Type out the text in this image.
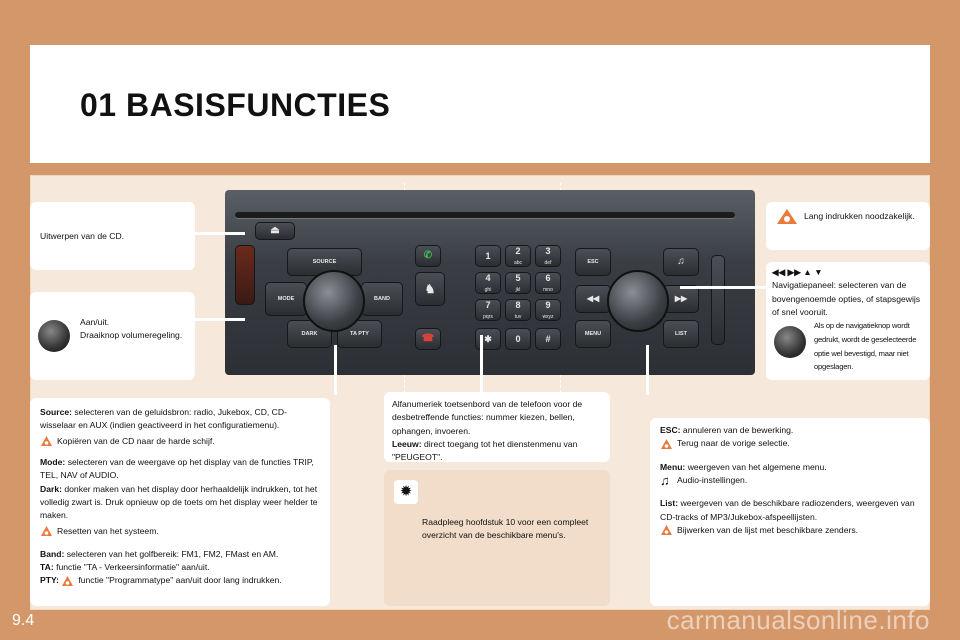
01 BASISFUNCTIES
⏏
SOURCE
MODE	BAND
DARK	TA PTY
✆	1	2
abc
3
def
♞
4
ghi
5
jkl
6
mno
7
pqrs
8
tuv
9
wxyz
☎	✱	0	#
ESC	♫
◀◀	▶▶
MENU	LIST
Uitwerpen van de CD.
Aan/uit.
Draaiknop volumeregeling.
Source: selecteren van de geluidsbron: radio, Jukebox, CD, CD-wisselaar en AUX (indien geactiveerd in het configuratiemenu).
Kopiëren van de CD naar de harde schijf.
Mode: selecteren van de weergave op het display van de functies TRIP, TEL, NAV of AUDIO.
Dark: donker maken van het display door herhaaldelijk indrukken, tot het volledig zwart is. Druk opnieuw op de toets om het display weer helder te maken.
Resetten van het systeem.
Band: selecteren van het golfbereik: FM1, FM2, FMast en AM.
TA: functie "TA - Verkeersinformatie" aan/uit.
PTY: functie "Programmatype" aan/uit door lang indrukken.
Alfanumeriek toetsenbord van de telefoon voor de desbetreffende functies: nummer kiezen, bellen, ophangen, invoeren.
Leeuw: direct toegang tot het dienstenmenu van "PEUGEOT".
✹
Raadpleeg hoofdstuk 10 voor een compleet overzicht van de beschikbare menu's.
Lang indrukken noodzakelijk.
◀◀ ▶▶ ▲ ▼
Navigatiepaneel: selecteren van de bovengenoemde opties, of stapsgewijs of snel vooruit.
Als op de navigatieknop wordt gedrukt, wordt de geselecteerde optie wel bevestigd, maar niet opgeslagen.
ESC: annuleren van de bewerking.
Terug naar de vorige selectie.
Menu: weergeven van het algemene menu.
♫ Audio-instellingen.
List: weergeven van de beschikbare radiozenders, weergeven van CD-tracks of MP3/Jukebox-afspeellijsten.
Bijwerken van de lijst met beschikbare zenders.
9.4	carmanualsonline.info
